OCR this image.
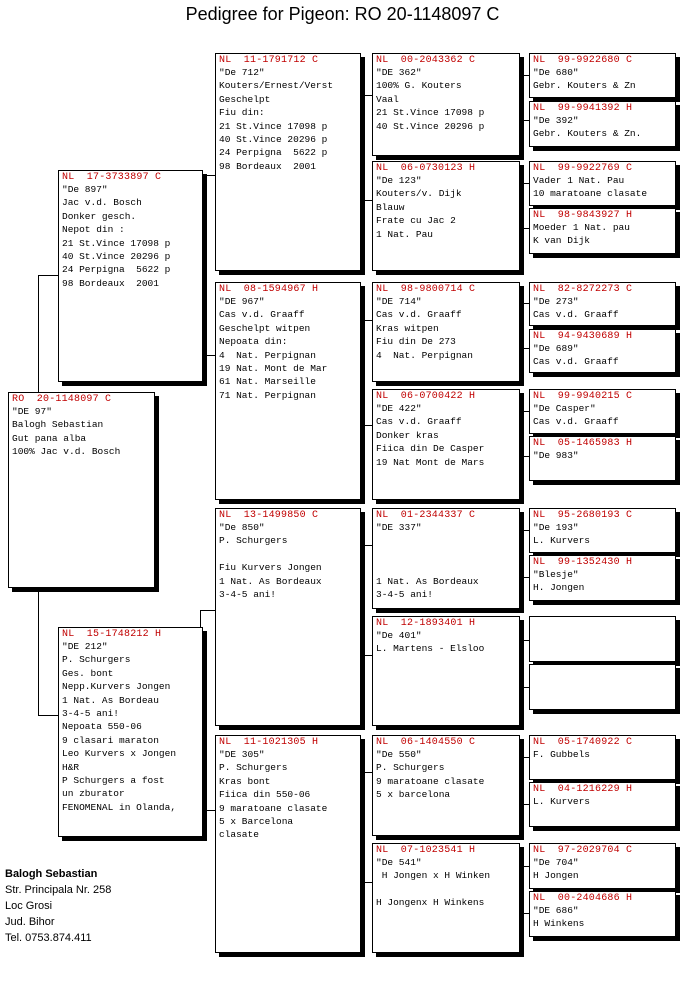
Pedigree for Pigeon: RO 20-1148097 C
RO  20-1148097 C
"DE 97"
Balogh Sebastian
Gut pana alba
100% Jac v.d. Bosch
NL  17-3733897 C
"De 897"
Jac v.d. Bosch
Donker gesch.
Nepot din :
21 St.Vince 17098 p
40 St.Vince 20296 p
24 Perpigna  5622 p
98 Bordeaux  2001
NL  15-1748212 H
"DE 212"
P. Schurgers
Ges. bont
Nepp.Kurvers Jongen
1 Nat. As Bordeau
3-4-5 ani!
Nepoata 550-06
9 clasari maraton
Leo Kurvers x Jongen
H&R
P Schurgers a fost
un zburator
FENOMENAL in Olanda,
NL  11-1791712 C
"De 712"
Kouters/Ernest/Verst
Geschelpt
Fiu din:
21 St.Vince 17098 p
40 St.Vince 20296 p
24 Perpigna  5622 p
98 Bordeaux  2001
NL  08-1594967 H
"DE 967"
Cas v.d. Graaff
Geschelpt witpen
Nepoata din:
4  Nat. Perpignan
19 Nat. Mont de Mar
61 Nat. Marseille
71 Nat. Perpignan
NL  13-1499850 C
"De 850"
P. Schurgers
Fiu Kurvers Jongen
1 Nat. As Bordeaux
3-4-5 ani!
NL  11-1021305 H
"DE 305"
P. Schurgers
Kras bont
Fiica din 550-06
9 maratoane clasate
5 x Barcelona
clasate
NL  00-2043362 C
"DE 362"
100% G. Kouters
Vaal
21 St.Vince 17098 p
40 St.Vince 20296 p
NL  06-0730123 H
"De 123"
Kouters/v. Dijk
Blauw
Frate cu Jac 2
1 Nat. Pau
NL  98-9800714 C
"DE 714"
Cas v.d. Graaff
Kras witpen
Fiu din De 273
4  Nat. Perpignan
NL  06-0700422 H
"DE 422"
Cas v.d. Graaff
Donker kras
Fiica din De Casper
19 Nat Mont de Mars
NL  01-2344337 C
"DE 337"
1 Nat. As Bordeaux
3-4-5 ani!
NL  12-1893401 H
"De 401"
L. Martens - Elsloo
NL  06-1404550 C
"De 550"
P. Schurgers
9 maratoane clasate
5 x barcelona
NL  07-1023541 H
"De 541"
H Jongen x H Winken
H Jongenx H Winkens
NL  99-9922680 C
"De 680"
Gebr. Kouters & Zn
NL  99-9941392 H
"De 392"
Gebr. Kouters & Zn.
NL  99-9922769 C
Vader 1 Nat. Pau
10 maratoane clasate
NL  98-9843927 H
Moeder 1 Nat. pau
K van Dijk
NL  82-8272273 C
"De 273"
Cas v.d. Graaff
NL  94-9430689 H
"De 689"
Cas v.d. Graaff
NL  99-9940215 C
"De Casper"
Cas v.d. Graaff
NL  05-1465983 H
"De 983"
NL  95-2680193 C
"De 193"
L. Kurvers
NL  99-1352430 H
"Blesje"
H. Jongen
NL  05-1740922 C
F. Gubbels
NL  04-1216229 H
L. Kurvers
NL  97-2029704 C
"De 704"
H Jongen
NL  00-2404686 H
"DE 686"
H Winkens
Balogh Sebastian
Str. Principala Nr. 258
Loc Grosi
Jud. Bihor
Tel. 0753.874.411
